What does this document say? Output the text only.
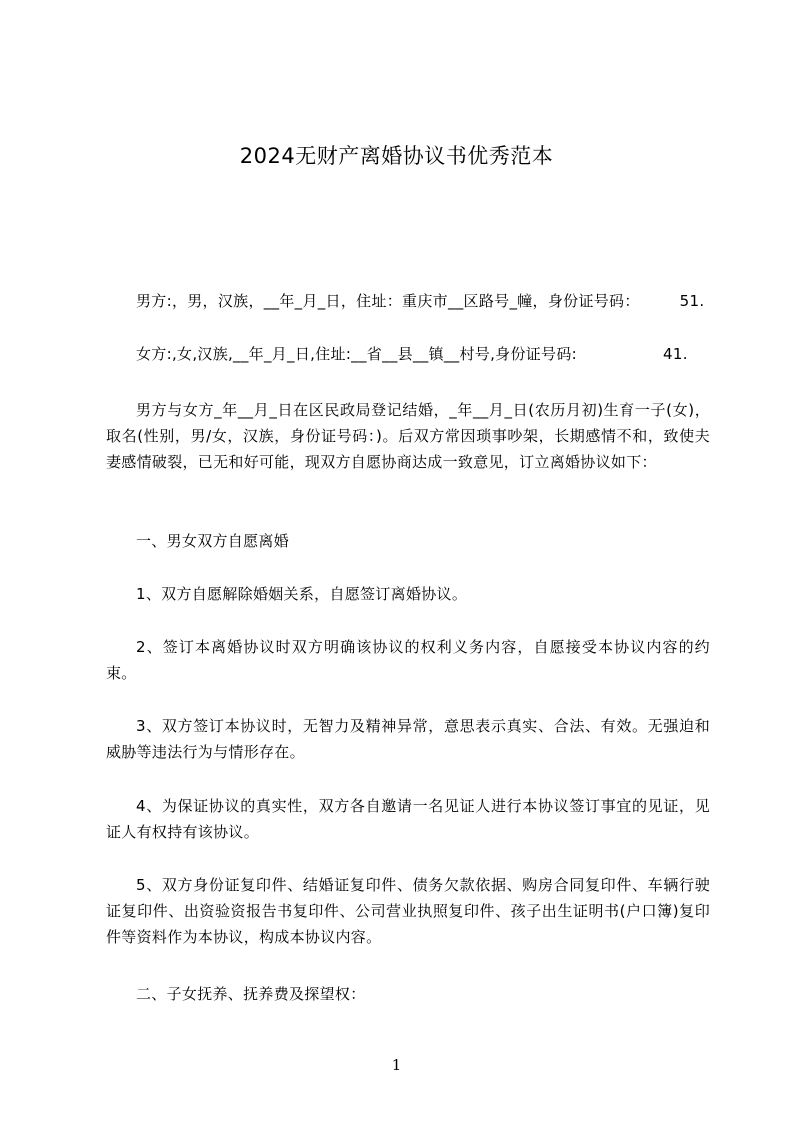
2024无财产离婚协议书优秀范本
男方:，男，汉族，__年_月_日，住址：重庆市__区路号_幢，身份证号码：	51.
女方:,女,汉族,__年_月_日,住址:__省__县__镇__村号,身份证号码:	41.
男方与女方_年__月_日在区民政局登记结婚，_年__月_日(农历月初)生育一子(女)，取名(性别，男/女，汉族，身份证号码：)。后双方常因琐事吵架，长期感情不和，致使夫妻感情破裂，已无和好可能，现双方自愿协商达成一致意见，订立离婚协议如下：
一、男女双方自愿离婚
1、双方自愿解除婚姻关系，自愿签订离婚协议。
2、签订本离婚协议时双方明确该协议的权利义务内容，自愿接受本协议内容的约束。
3、双方签订本协议时，无智力及精神异常，意思表示真实、合法、有效。无强迫和威胁等违法行为与情形存在。
4、为保证协议的真实性，双方各自邀请一名见证人进行本协议签订事宜的见证，见证人有权持有该协议。
5、双方身份证复印件、结婚证复印件、债务欠款依据、购房合同复印件、车辆行驶证复印件、出资验资报告书复印件、公司营业执照复印件、孩子出生证明书(户口簿)复印件等资料作为本协议，构成本协议内容。
二、子女抚养、抚养费及探望权：
1
